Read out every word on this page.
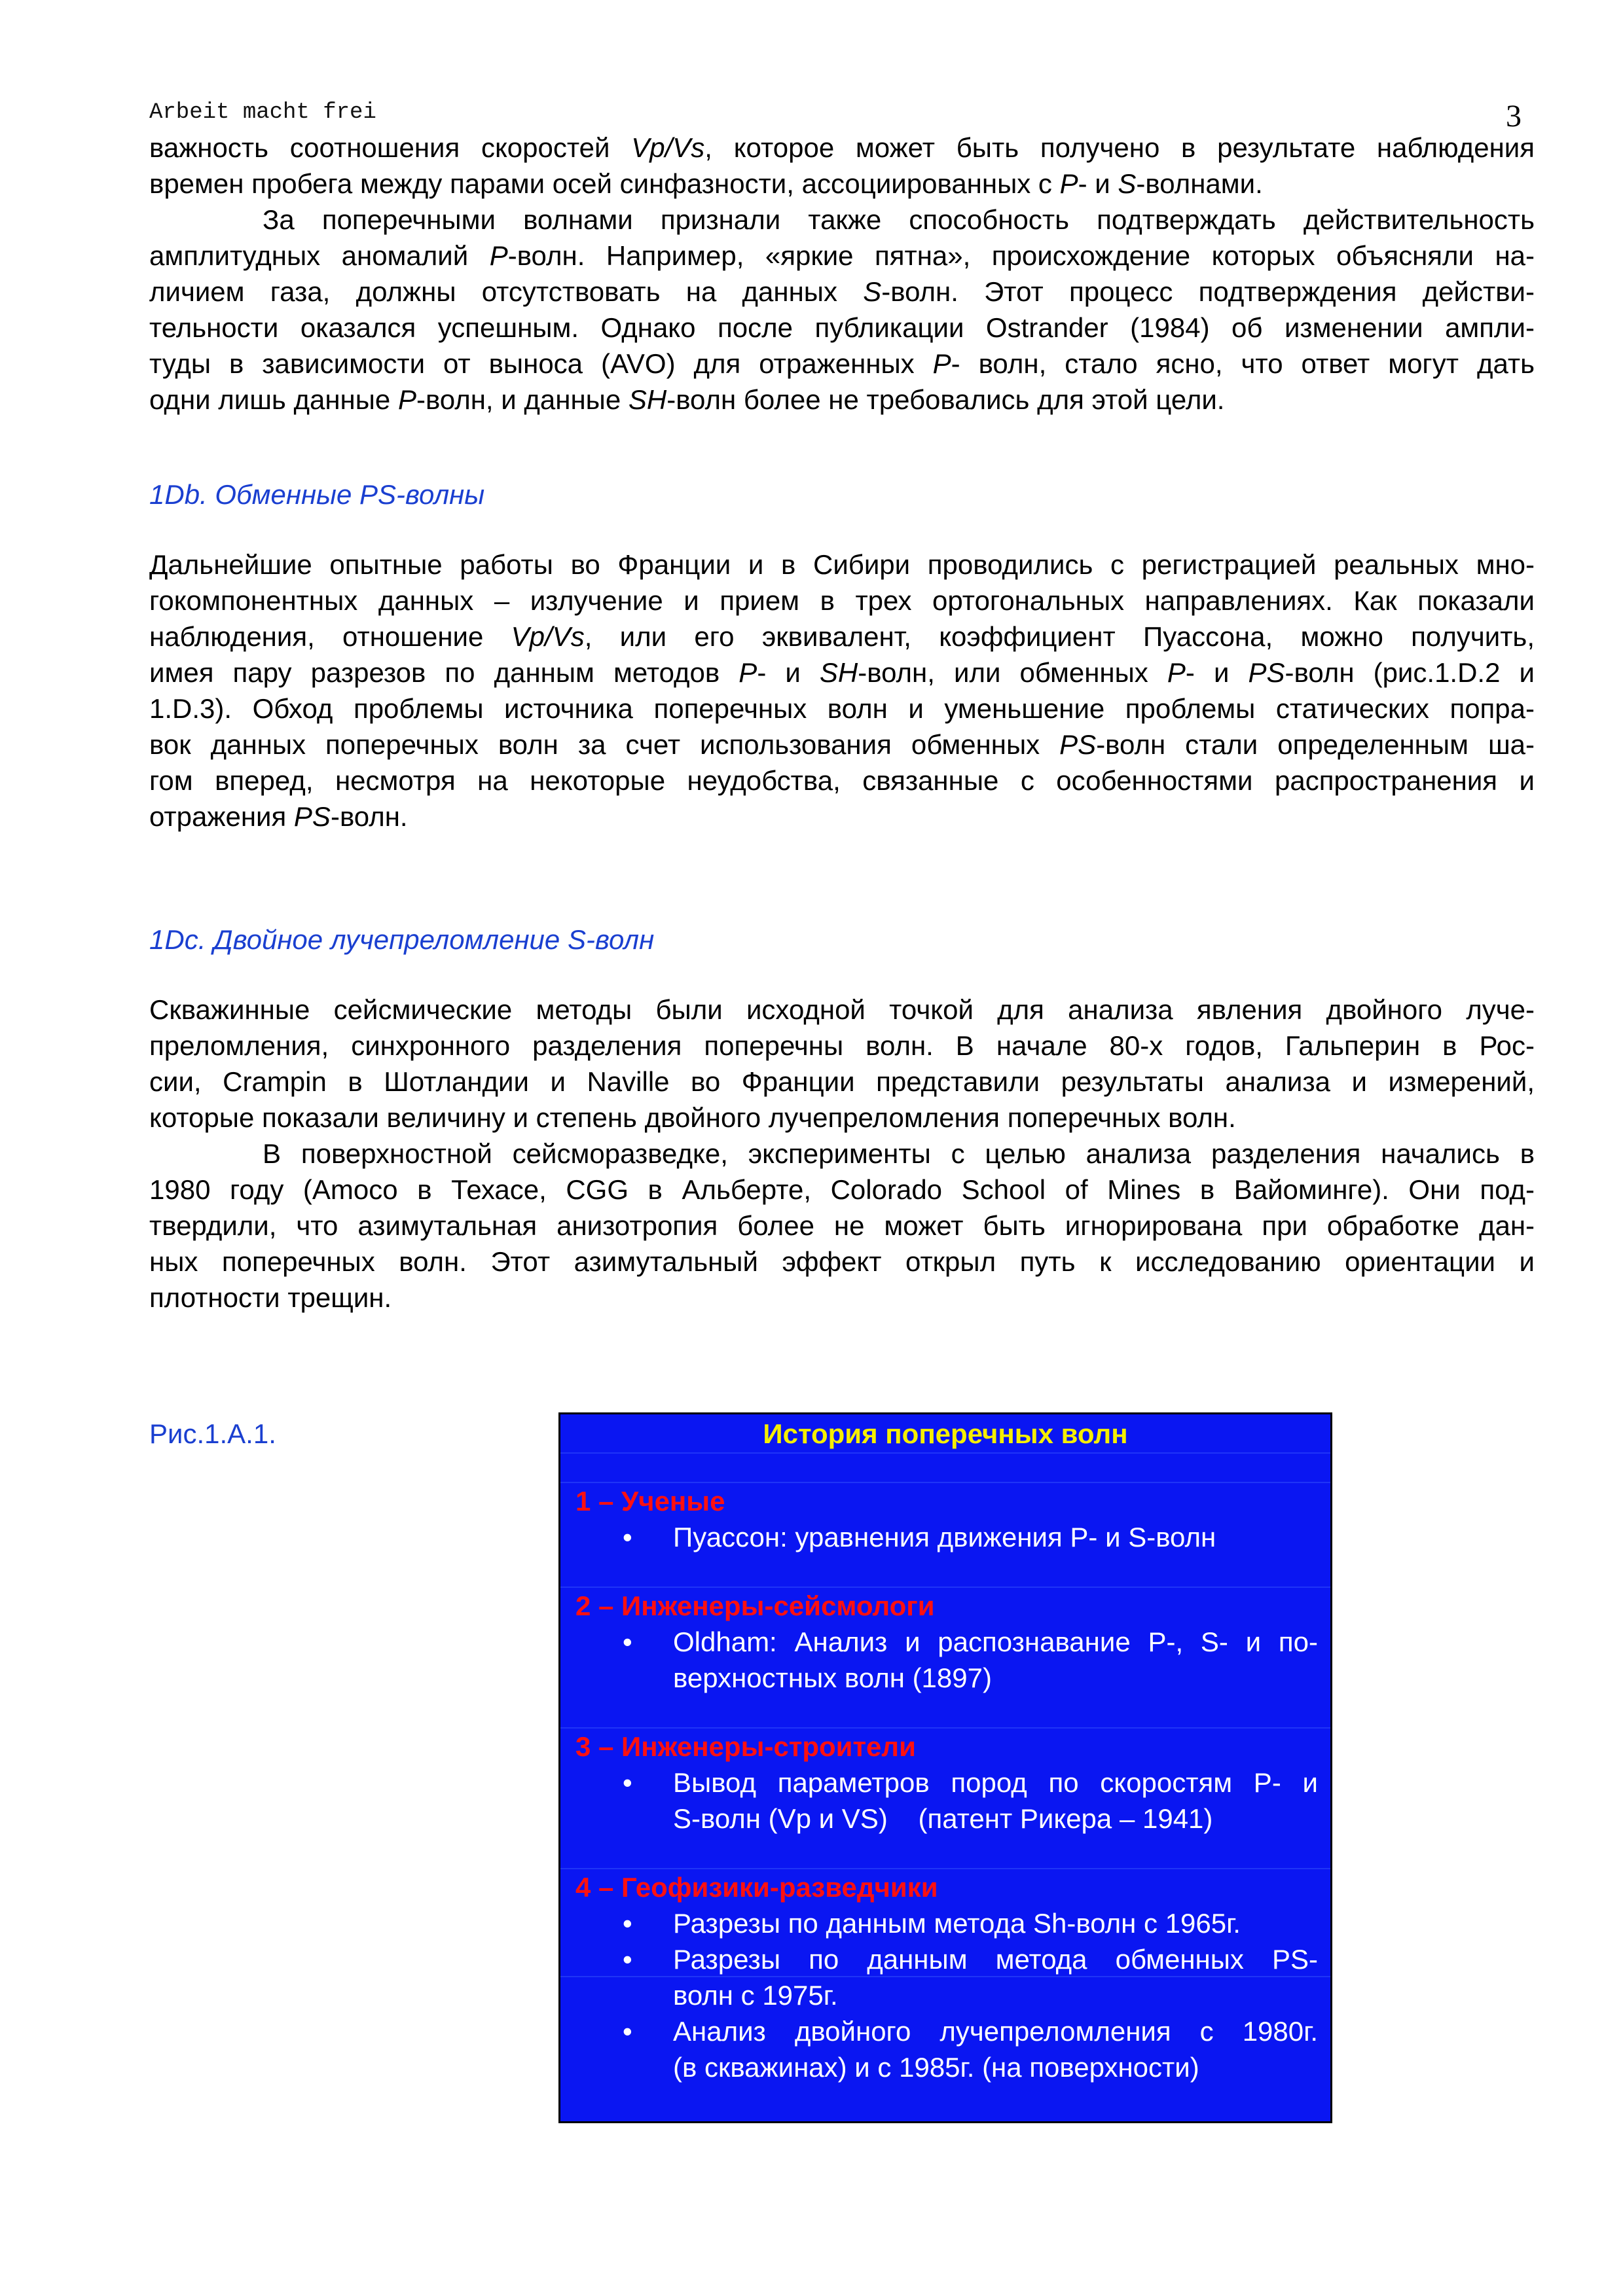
Arbeit macht frei	3
важность соотношения скоростей Vp/Vs, которое может быть получено в результате наблюдения
времен пробега между парами осей синфазности, ассоциированных с P- и S-волнами.
За поперечными волнами признали также способность подтверждать действительность
амплитудных аномалий P-волн. Например, «яркие пятна», происхождение которых объясняли на-
личием газа, должны отсутствовать на данных S-волн. Этот процесс подтверждения действи-
тельности оказался успешным. Однако после публикации Ostrander (1984) об изменении ампли-
туды в зависимости от выноса (AVO) для отраженных P- волн, стало ясно, что ответ могут дать
одни лишь данные P-волн, и данные SH-волн более не требовались для этой цели.
1Db. Обменные PS-волны
Дальнейшие опытные работы во Франции и в Сибири проводились с регистрацией реальных мно-
гокомпонентных данных – излучение и прием в трех ортогональных направлениях. Как показали
наблюдения, отношение Vp/Vs, или его эквивалент, коэффициент Пуассона, можно получить,
имея пару разрезов по данным методов P- и SH-волн, или обменных P- и PS-волн (рис.1.D.2 и
1.D.3). Обход проблемы источника поперечных волн и уменьшение проблемы статических попра-
вок данных поперечных волн за счет использования обменных PS-волн стали определенным ша-
гом вперед, несмотря на некоторые неудобства, связанные с особенностями распространения и
отражения PS-волн.
1Dc. Двойное лучепреломление S-волн
Скважинные сейсмические методы были исходной точкой для анализа явления двойного луче-
преломления, синхронного разделения поперечны волн. В начале 80-х годов, Гальперин в Рос-
сии, Crampin в Шотландии и Naville во Франции представили результаты анализа и измерений,
которые показали величину и степень двойного лучепреломления поперечных волн.
В поверхностной сейсморазведке, эксперименты с целью анализа разделения начались в
1980 году (Amoco в Техасе, CGG в Альберте, Colorado School of Mines в Вайоминге). Они под-
твердили, что азимутальная анизотропия более не может быть игнорирована при обработке дан-
ных поперечных волн. Этот азимутальный эффект открыл путь к исследованию ориентации и
плотности трещин.
Рис.1.А.1.	История поперечных волн
1 – Ученые
•	Пуассон: уравнения движения P- и S-волн
2 – Инженеры-сейсмологи
•	Oldham: Анализ и распознавание P-, S- и по-
верхностных волн (1897)
3 – Инженеры-строители
•	Вывод параметров пород по скоростям P- и
S-волн (Vp и VS)    (патент Рикера – 1941)
4 – Геофизики-разведчики
•	Разрезы по данным метода Sh-волн с 1965г.
•	Разрезы по данным метода обменных PS-
волн с 1975г.
•	Анализ двойного лучепреломления с 1980г.
(в скважинах) и с 1985г. (на поверхности)
